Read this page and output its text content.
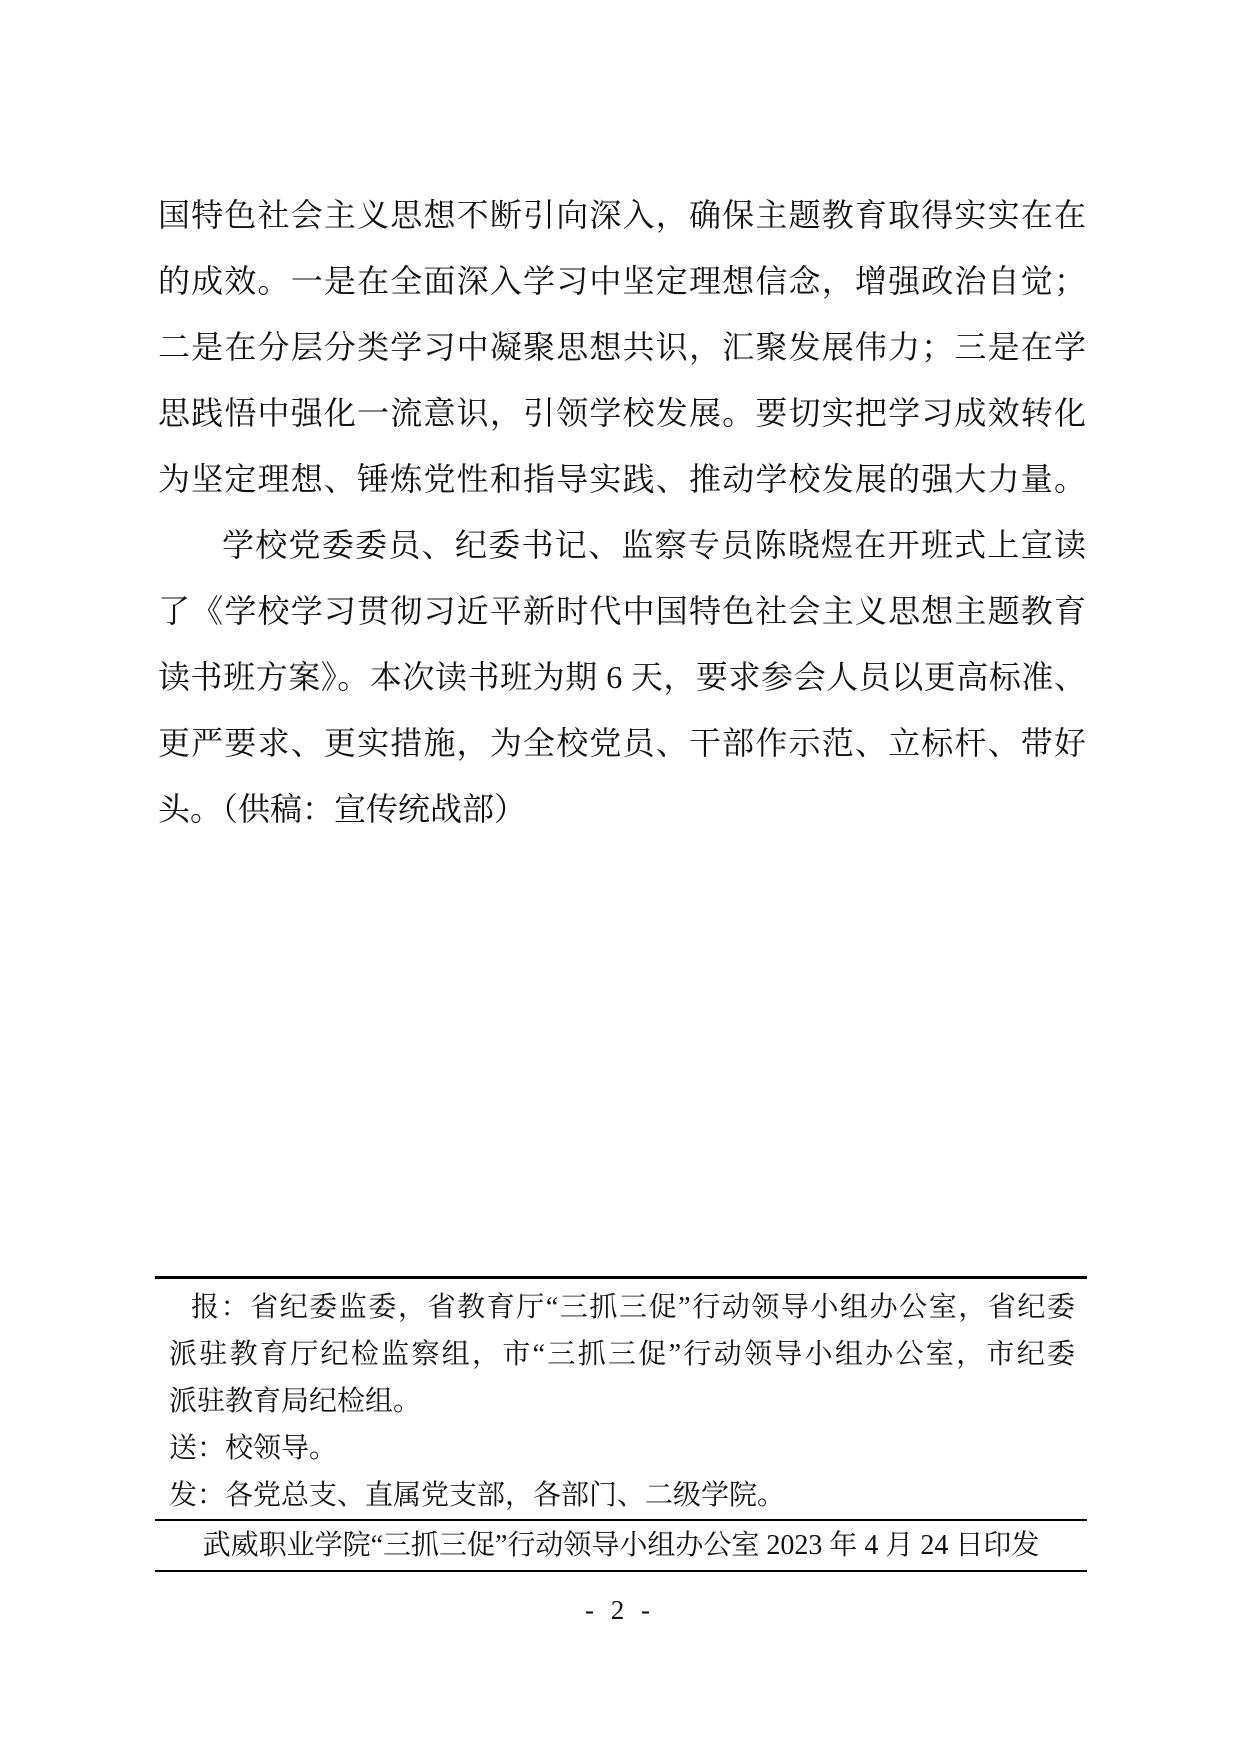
国特色社会主义思想不断引向深入，确保主题教育取得实实在在

的成效。一是在全面深入学习中坚定理想信念，增强政治自觉；

二是在分层分类学习中凝聚思想共识，汇聚发展伟力；三是在学

思践悟中强化一流意识，引领学校发展。要切实把学习成效转化

为坚定理想、锤炼党性和指导实践、推动学校发展的强大力量。

学校党委委员、纪委书记、监察专员陈晓煜在开班式上宣读

了《学校学习贯彻习近平新时代中国特色社会主义思想主题教育

读书班方案》。本次读书班为期 6 天，要求参会人员以更高标准、

更严要求、更实措施，为全校党员、干部作示范、立标杆、带好

头。（供稿：宣传统战部）

报：省纪委监委，省教育厅“三抓三促”行动领导小组办公室，省纪委

派驻教育厅纪检监察组，市“三抓三促”行动领导小组办公室，市纪委

派驻教育局纪检组。

送：校领导。

发：各党总支、直属党支部，各部门、二级学院。

武威职业学院“三抓三促”行动领导小组办公室 2023 年 4 月 24 日印发

- 2 -
